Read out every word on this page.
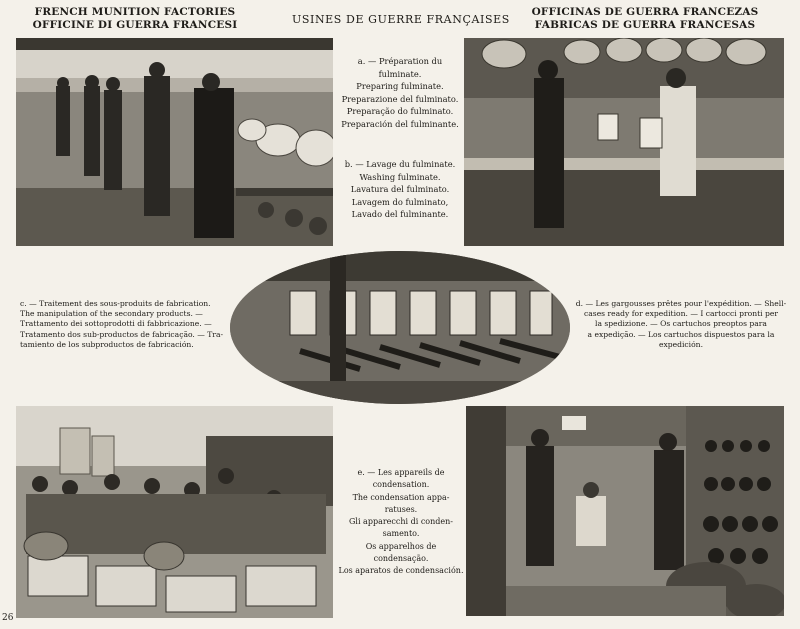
FRENCH MUNITION FACTORIES
OFFICINE DI GUERRA FRANCESI	USINES DE GUERRE FRANÇAISES
OFFICINAS DE GUERRA FRANCEZAS
FABRICAS DE GUERRA FRANCESAS
a. — Préparation du
fulminate.
Preparing fulminate.
Preparazione del fulminato.
Preparação do fulminato.
Preparación del fulminante.
b. — Lavage du fulminate.
Washing fulminate.
Lavatura del fulminato.
Lavagem do fulminato,
Lavado del fulminante.
c. — Traitement des sous-produits de fabrication.
The manipulation of the secondary products. —
Trattamento dei sottoprodotti di fabbricazione. —
Tratamento dos sub-productos de fabricação. — Tra-
tamiento de los subproductos de fabricación.
d. — Les gargousses prêtes pour l'expédition. — Shell-
cases ready for expedition. — I cartocci pronti per
la spedizione. — Os cartuchos preoptos para
a expedição. — Los cartuchos dispuestos para la
expedición.
e. — Les appareils de
condensation.
The condensation appa-
ratuses.
Gli apparecchi di conden-
samento.
Os apparelhos de
condensação.
Los aparatos de condensación.
26
